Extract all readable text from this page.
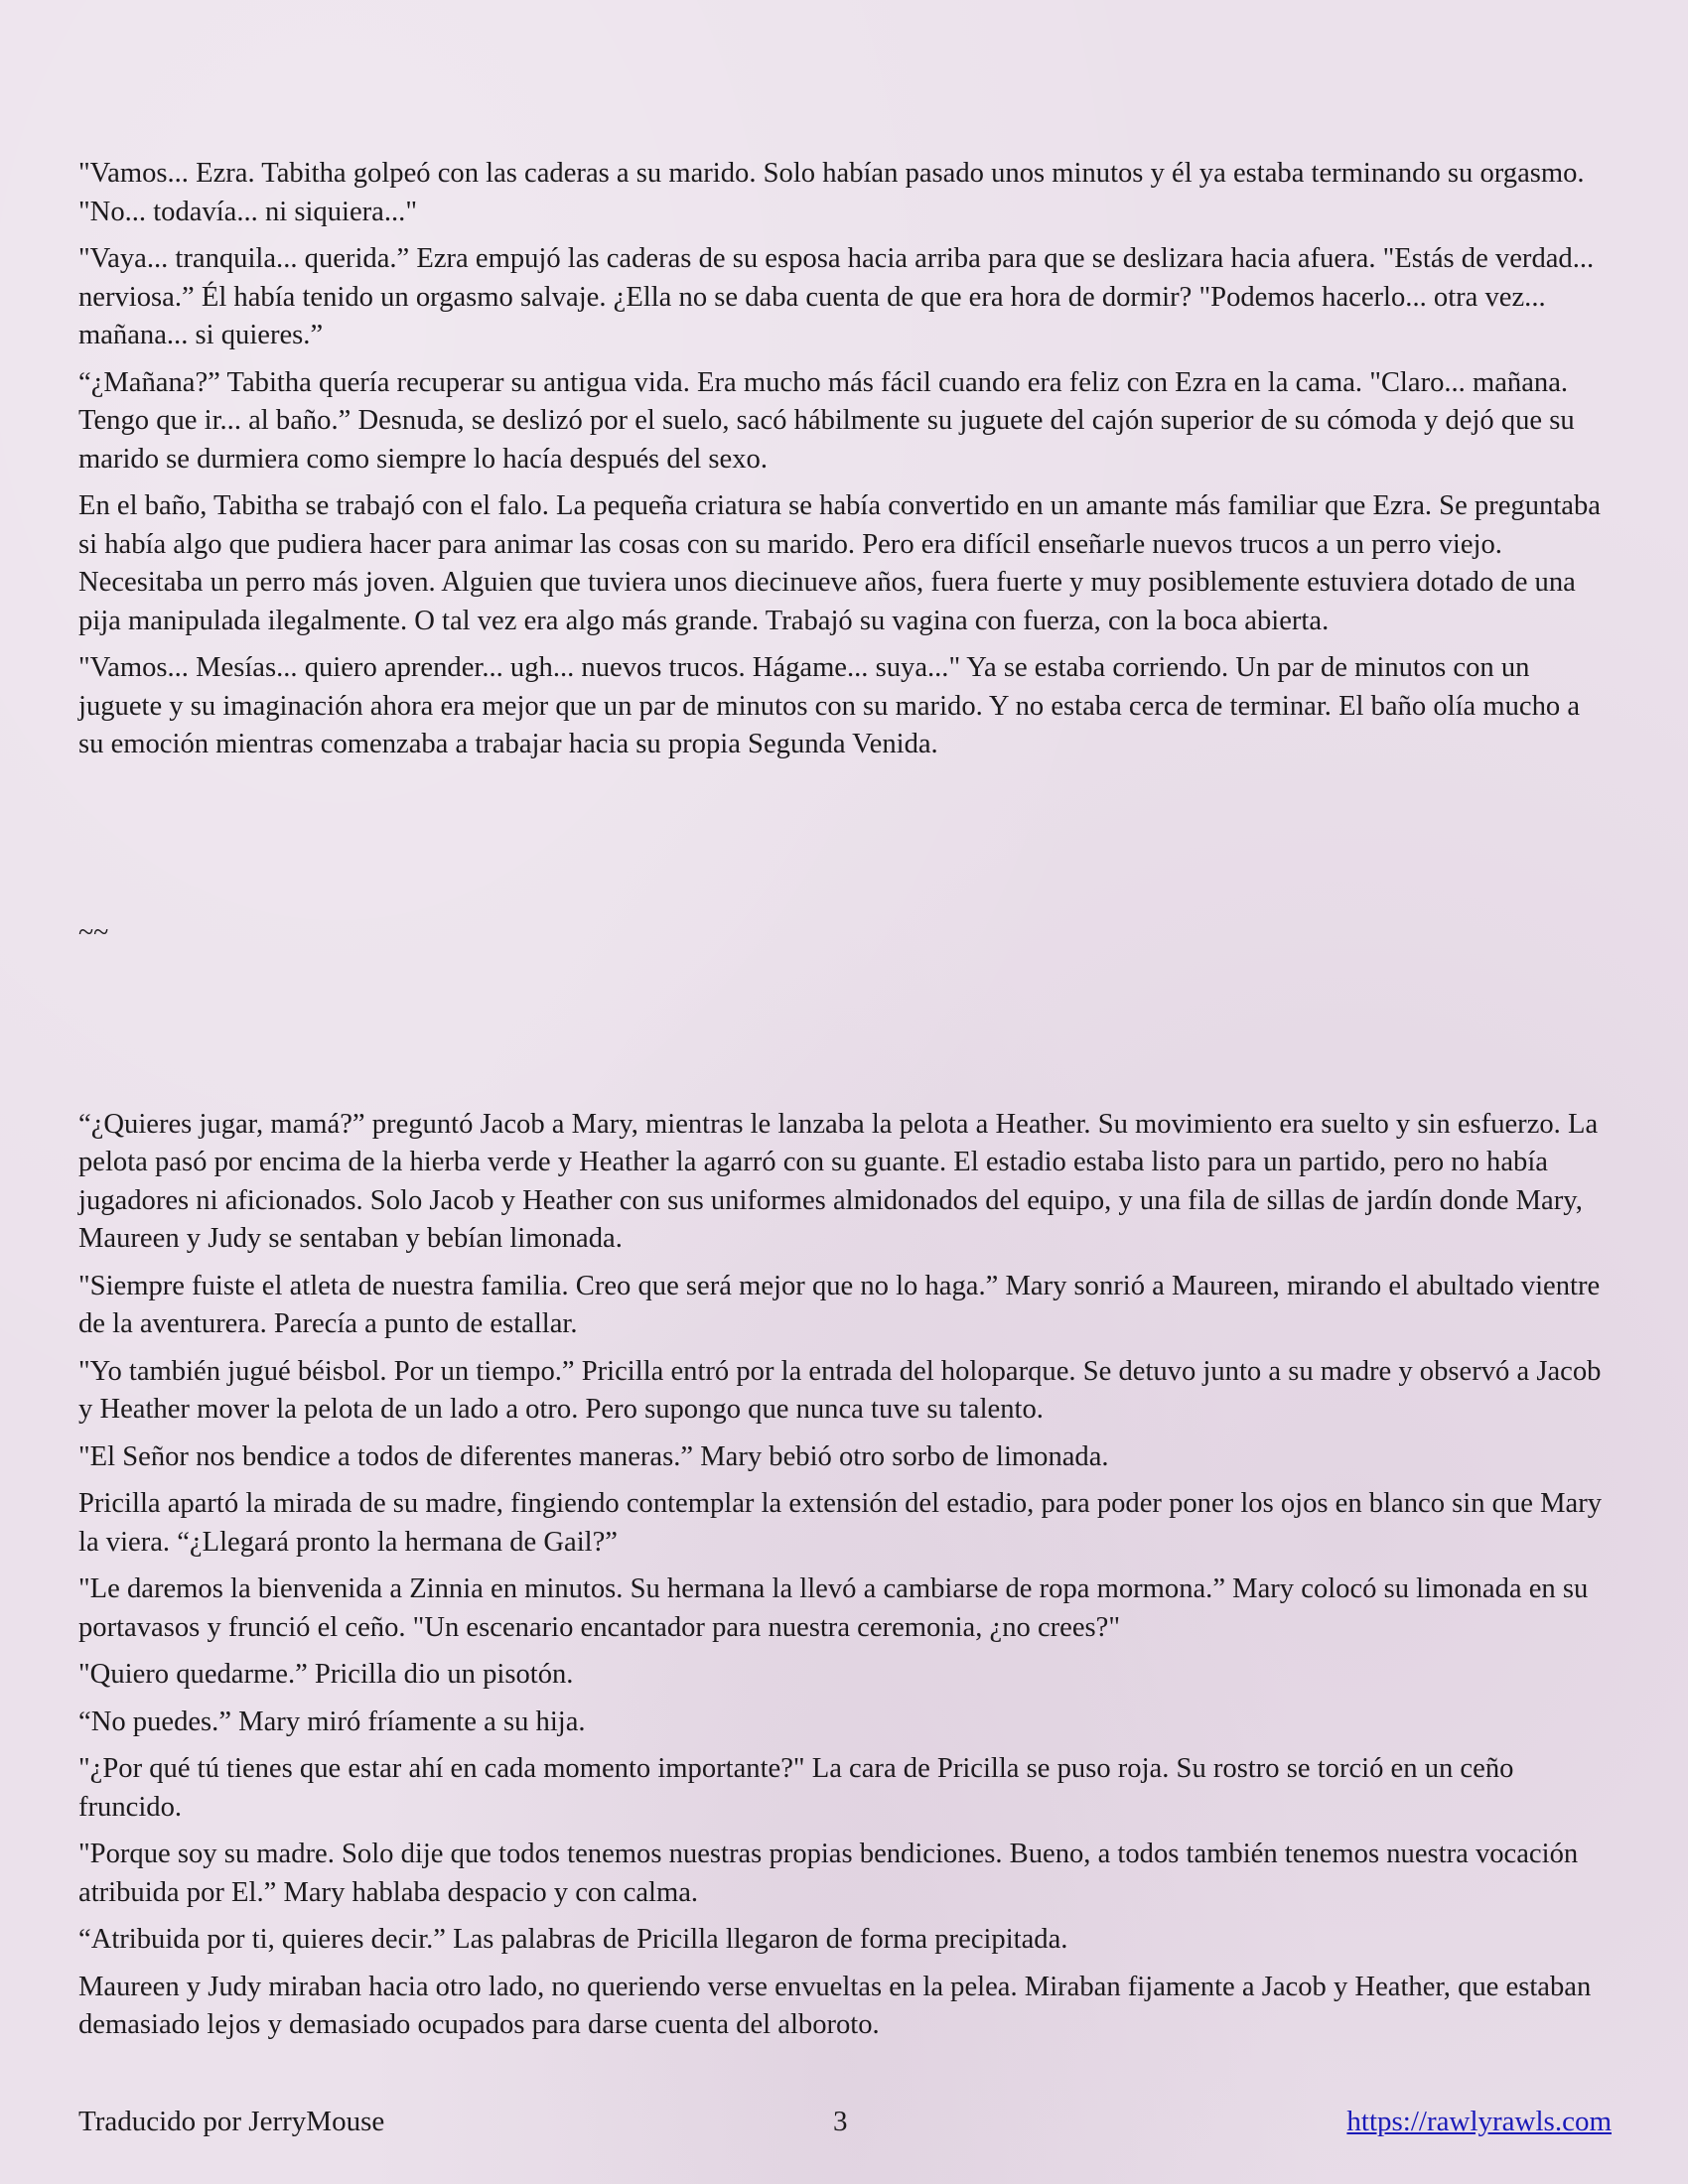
"Vamos... Ezra. Tabitha golpeó con las caderas a su marido. Solo habían pasado unos minutos y él ya estaba terminando su orgasmo. "No... todavía... ni siquiera..."

"Vaya... tranquila... querida.” Ezra empujó las caderas de su esposa hacia arriba para que se deslizara hacia afuera. "Estás de verdad... nerviosa.” Él había tenido un orgasmo salvaje. ¿Ella no se daba cuenta de que era hora de dormir? "Podemos hacerlo... otra vez... mañana... si quieres.”

“¿Mañana?” Tabitha quería recuperar su antigua vida. Era mucho más fácil cuando era feliz con Ezra en la cama. "Claro... mañana. Tengo que ir... al baño.” Desnuda, se deslizó por el suelo, sacó hábilmente su juguete del cajón superior de su cómoda y dejó que su marido se durmiera como siempre lo hacía después del sexo.

En el baño, Tabitha se trabajó con el falo. La pequeña criatura se había convertido en un amante más familiar que Ezra. Se preguntaba si había algo que pudiera hacer para animar las cosas con su marido. Pero era difícil enseñarle nuevos trucos a un perro viejo. Necesitaba un perro más joven. Alguien que tuviera unos diecinueve años, fuera fuerte y muy posiblemente estuviera dotado de una pija manipulada ilegalmente. O tal vez era algo más grande. Trabajó su vagina con fuerza, con la boca abierta.

"Vamos... Mesías... quiero aprender... ugh... nuevos trucos. Hágame... suya..." Ya se estaba corriendo. Un par de minutos con un juguete y su imaginación ahora era mejor que un par de minutos con su marido. Y no estaba cerca de terminar. El baño olía mucho a su emoción mientras comenzaba a trabajar hacia su propia Segunda Venida.

~~

“¿Quieres jugar, mamá?” preguntó Jacob a Mary, mientras le lanzaba la pelota a Heather. Su movimiento era suelto y sin esfuerzo. La pelota pasó por encima de la hierba verde y Heather la agarró con su guante. El estadio estaba listo para un partido, pero no había jugadores ni aficionados. Solo Jacob y Heather con sus uniformes almidonados del equipo, y una fila de sillas de jardín donde Mary, Maureen y Judy se sentaban y bebían limonada.

"Siempre fuiste el atleta de nuestra familia. Creo que será mejor que no lo haga.” Mary sonrió a Maureen, mirando el abultado vientre de la aventurera. Parecía a punto de estallar.

"Yo también jugué béisbol. Por un tiempo.” Pricilla entró por la entrada del holoparque. Se detuvo junto a su madre y observó a Jacob y Heather mover la pelota de un lado a otro. Pero supongo que nunca tuve su talento.

"El Señor nos bendice a todos de diferentes maneras.” Mary bebió otro sorbo de limonada.

Pricilla apartó la mirada de su madre, fingiendo contemplar la extensión del estadio, para poder poner los ojos en blanco sin que Mary la viera. “¿Llegará pronto la hermana de Gail?”

"Le daremos la bienvenida a Zinnia en minutos. Su hermana la llevó a cambiarse de ropa mormona.” Mary colocó su limonada en su portavasos y frunció el ceño. "Un escenario encantador para nuestra ceremonia, ¿no crees?"

"Quiero quedarme.” Pricilla dio un pisotón.

“No puedes.” Mary miró fríamente a su hija.

"¿Por qué tú tienes que estar ahí en cada momento importante?" La cara de Pricilla se puso roja. Su rostro se torció en un ceño fruncido.

"Porque soy su madre. Solo dije que todos tenemos nuestras propias bendiciones. Bueno, a todos también tenemos nuestra vocación atribuida por El.” Mary hablaba despacio y con calma.

“Atribuida por ti, quieres decir.” Las palabras de Pricilla llegaron de forma precipitada.

Maureen y Judy miraban hacia otro lado, no queriendo verse envueltas en la pelea. Miraban fijamente a Jacob y Heather, que estaban demasiado lejos y demasiado ocupados para darse cuenta del alboroto.

Traducido por JerryMouse	3	https://rawlyrawls.com
